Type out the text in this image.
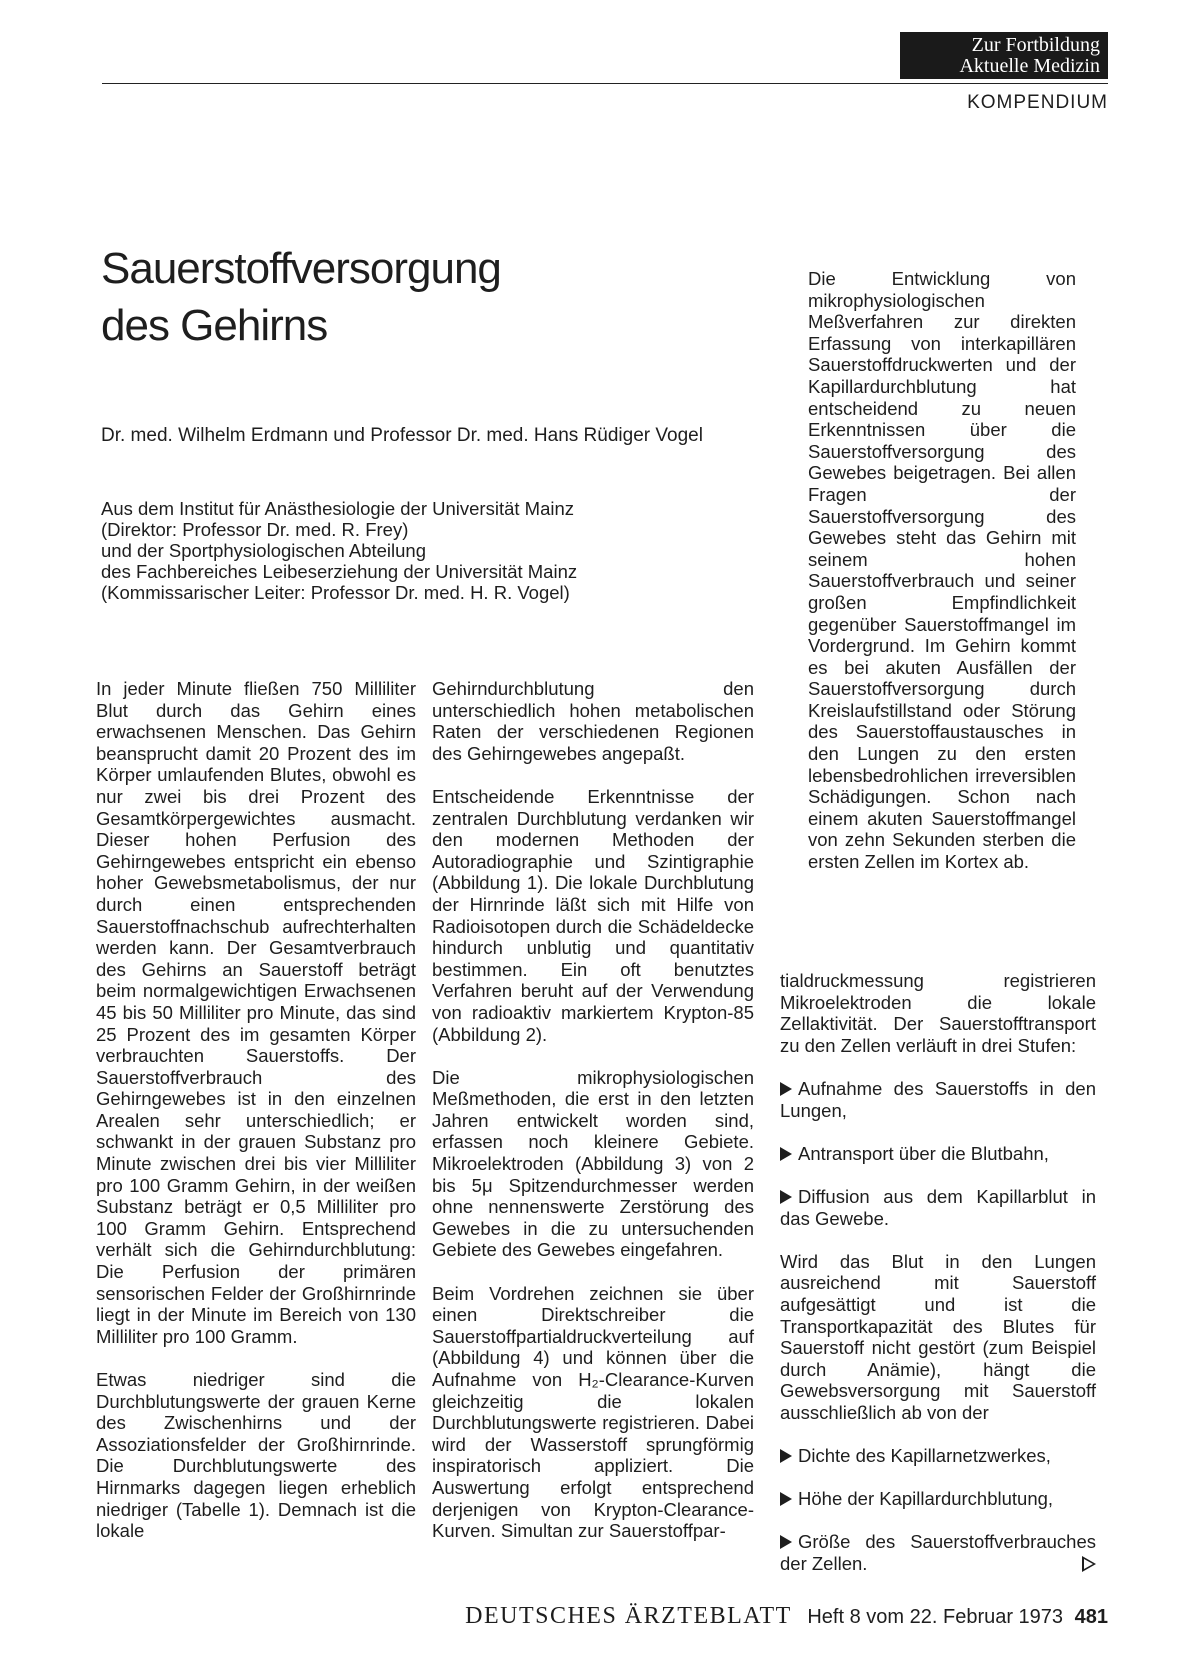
Zur Fortbildung
Aktuelle Medizin
KOMPENDIUM
Sauerstoffversorgung
des Gehirns
Dr. med. Wilhelm Erdmann und Professor Dr. med. Hans Rüdiger Vogel
Aus dem Institut für Anästhesiologie der Universität Mainz
(Direktor: Professor Dr. med. R. Frey)
und der Sportphysiologischen Abteilung
des Fachbereiches Leibeserziehung der Universität Mainz
(Kommissarischer Leiter: Professor Dr. med. H. R. Vogel)

In jeder Minute fließen 750 Milliliter Blut durch das Gehirn eines erwachsenen Menschen. Das Gehirn beansprucht damit 20 Prozent des im Körper umlaufenden Blutes, obwohl es nur zwei bis drei Prozent des Gesamtkörpergewichtes ausmacht. Dieser hohen Perfusion des Gehirngewebes entspricht ein ebenso hoher Gewebsmetabolismus, der nur durch einen entsprechenden Sauerstoffnachschub aufrechterhalten werden kann. Der Gesamtverbrauch des Gehirns an Sauerstoff beträgt beim normalgewichtigen Erwachsenen 45 bis 50 Milliliter pro Minute, das sind 25 Prozent des im gesamten Körper verbrauchten Sauerstoffs. Der Sauerstoffverbrauch des Gehirngewebes ist in den einzelnen Arealen sehr unterschiedlich; er schwankt in der grauen Substanz pro Minute zwischen drei bis vier Milliliter pro 100 Gramm Gehirn, in der weißen Substanz beträgt er 0,5 Milliliter pro 100 Gramm Gehirn. Entsprechend verhält sich die Gehirndurchblutung: Die Perfusion der primären sensorischen Felder der Großhirnrinde liegt in der Minute im Bereich von 130 Milliliter pro 100 Gramm.

Etwas niedriger sind die Durchblutungswerte der grauen Kerne des Zwischenhirns und der Assoziationsfelder der Großhirnrinde. Die Durchblutungswerte des Hirnmarks dagegen liegen erheblich niedriger (Tabelle 1). Demnach ist die lokale

Gehirndurchblutung den unterschiedlich hohen metabolischen Raten der verschiedenen Regionen des Gehirngewebes angepaßt.

Entscheidende Erkenntnisse der zentralen Durchblutung verdanken wir den modernen Methoden der Autoradiographie und Szintigraphie (Abbildung 1). Die lokale Durchblutung der Hirnrinde läßt sich mit Hilfe von Radioisotopen durch die Schädeldecke hindurch unblutig und quantitativ bestimmen. Ein oft benutztes Verfahren beruht auf der Verwendung von radioaktiv markiertem Krypton-85 (Abbildung 2).

Die mikrophysiologischen Meßmethoden, die erst in den letzten Jahren entwickelt worden sind, erfassen noch kleinere Gebiete. Mikroelektroden (Abbildung 3) von 2 bis 5μ Spitzendurchmesser werden ohne nennenswerte Zerstörung des Gewebes in die zu untersuchenden Gebiete des Gewebes eingefahren.

Beim Vordrehen zeichnen sie über einen Direktschreiber die Sauerstoffpartialdruckverteilung auf (Abbildung 4) und können über die Aufnahme von H₂-Clearance-Kurven gleichzeitig die lokalen Durchblutungswerte registrieren. Dabei wird der Wasserstoff sprungförmig inspiratorisch appliziert. Die Auswertung erfolgt entsprechend derjenigen von Krypton-Clearance-Kurven. Simultan zur Sauerstoffpar-

Die Entwicklung von mikrophysiologischen Meßverfahren zur direkten Erfassung von interkapillären Sauerstoffdruckwerten und der Kapillardurchblutung hat entscheidend zu neuen Erkenntnissen über die Sauerstoffversorgung des Gewebes beigetragen. Bei allen Fragen der Sauerstoffversorgung des Gewebes steht das Gehirn mit seinem hohen Sauerstoffverbrauch und seiner großen Empfindlichkeit gegenüber Sauerstoffmangel im Vordergrund. Im Gehirn kommt es bei akuten Ausfällen der Sauerstoffversorgung durch Kreislaufstillstand oder Störung des Sauerstoffaustausches in den Lungen zu den ersten lebensbedrohlichen irreversiblen Schädigungen. Schon nach einem akuten Sauerstoffmangel von zehn Sekunden sterben die ersten Zellen im Kortex ab.

tialdruckmessung registrieren Mikroelektroden die lokale Zellaktivität. Der Sauerstofftransport zu den Zellen verläuft in drei Stufen:

Aufnahme des Sauerstoffs in den Lungen,

Antransport über die Blutbahn,

Diffusion aus dem Kapillarblut in das Gewebe.

Wird das Blut in den Lungen ausreichend mit Sauerstoff aufgesättigt und ist die Transportkapazität des Blutes für Sauerstoff nicht gestört (zum Beispiel durch Anämie), hängt die Gewebsversorgung mit Sauerstoff ausschließlich ab von der

Dichte des Kapillarnetzwerkes,

Höhe der Kapillardurchblutung,

Größe des Sauerstoffverbrauches der Zellen.

DEUTSCHES ÄRZTEBLATT Heft 8 vom 22. Februar 1973 481
